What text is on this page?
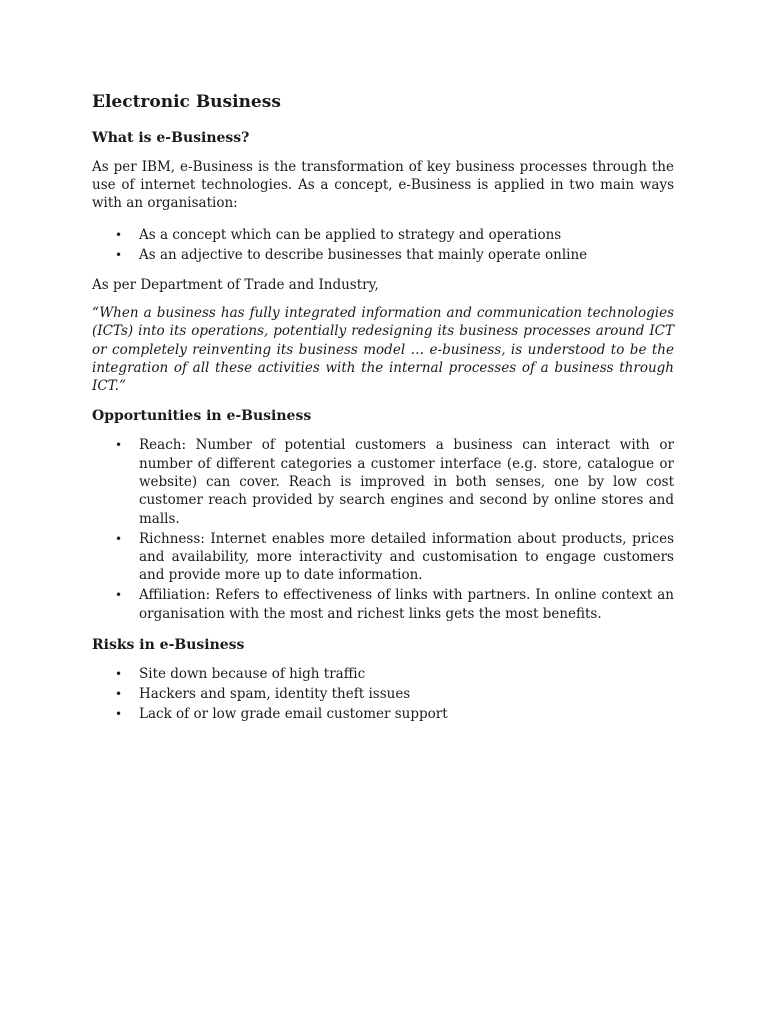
Electronic Business
What is e-Business?

As per IBM, e-Business is the transformation of key business processes through the use of internet technologies. As a concept, e-Business is applied in two main ways with an organisation:

• As a concept which can be applied to strategy and operations
• As an adjective to describe businesses that mainly operate online

As per Department of Trade and Industry,

“When a business has fully integrated information and communication technologies (ICTs) into its operations, potentially redesigning its business processes around ICT or completely reinventing its business model … e-business, is understood to be the integration of all these activities with the internal processes of a business through ICT.”

Opportunities in e-Business
• Reach: Number of potential customers a business can interact with or number of different categories a customer interface (e.g. store, catalogue or website) can cover. Reach is improved in both senses, one by low cost customer reach provided by search engines and second by online stores and malls.
• Richness: Internet enables more detailed information about products, prices and availability, more interactivity and customisation to engage customers and provide more up to date information.
• Affiliation: Refers to effectiveness of links with partners. In online context an organisation with the most and richest links gets the most benefits.
Risks in e-Business
• Site down because of high traffic
• Hackers and spam, identity theft issues
• Lack of or low grade email customer support
